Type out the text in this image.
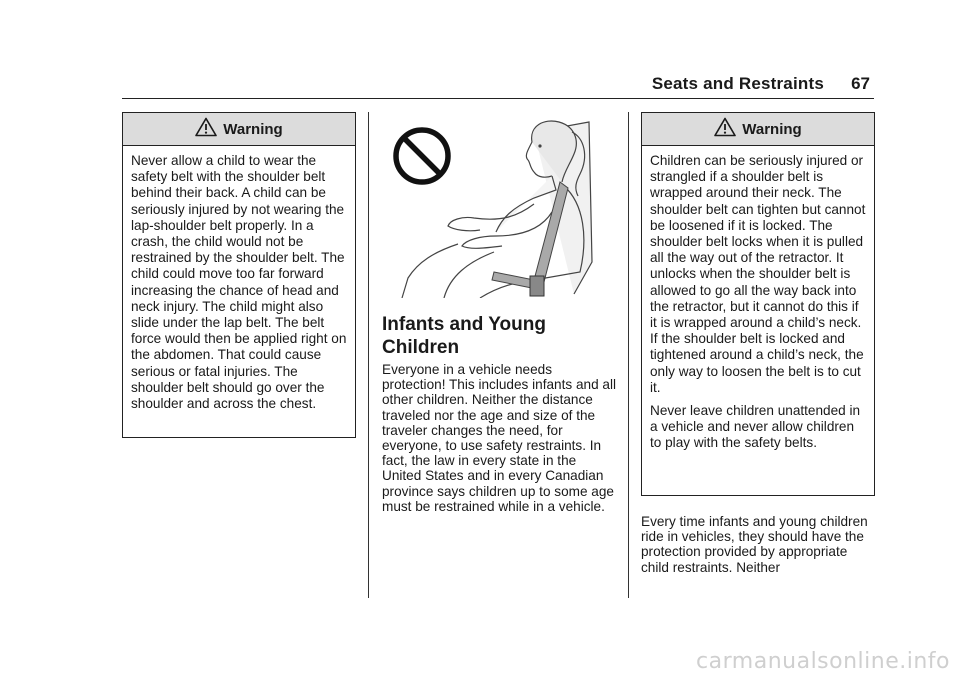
Seats and Restraints 67
Warning

Never allow a child to wear the safety belt with the shoulder belt behind their back. A child can be seriously injured by not wearing the lap-shoulder belt properly. In a crash, the child would not be restrained by the shoulder belt. The child could move too far forward increasing the chance of head and neck injury. The child might also slide under the lap belt. The belt force would then be applied right on the abdomen. That could cause serious or fatal injuries. The shoulder belt should go over the shoulder and across the chest.

Infants and Young Children

Everyone in a vehicle needs protection! This includes infants and all other children. Neither the distance traveled nor the age and size of the traveler changes the need, for everyone, to use safety restraints. In fact, the law in every state in the United States and in every Canadian province says children up to some age must be restrained while in a vehicle.

Warning

Children can be seriously injured or strangled if a shoulder belt is wrapped around their neck. The shoulder belt can tighten but cannot be loosened if it is locked. The shoulder belt locks when it is pulled all the way out of the retractor. It unlocks when the shoulder belt is allowed to go all the way back into the retractor, but it cannot do this if it is wrapped around a child’s neck. If the shoulder belt is locked and tightened around a child’s neck, the only way to loosen the belt is to cut it.

Never leave children unattended in a vehicle and never allow children to play with the safety belts.

Every time infants and young children ride in vehicles, they should have the protection provided by appropriate child restraints. Neither

carmanualsonline.info
